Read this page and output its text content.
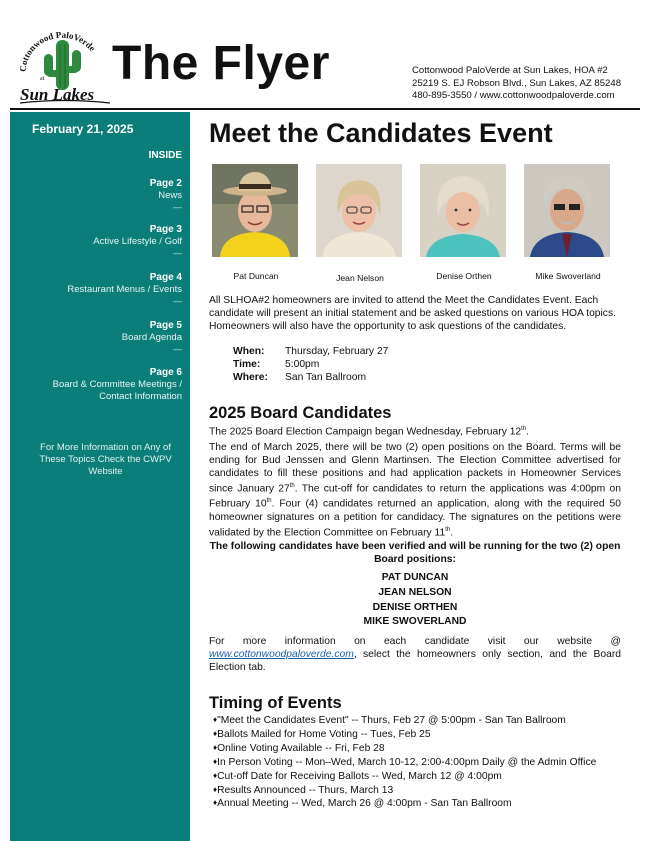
Cottonwood PaloVerde
at
Sun Lakes
The Flyer	Cottonwood PaloVerde at Sun Lakes, HOA #2
25219 S. EJ Robson Blvd., Sun Lakes, AZ 85248
480-895-3550 / www.cottonwoodpaloverde.com
February 21, 2025
INSIDE
Page 2
News
—
Page 3
Active Lifestyle / Golf
—
Page 4
Restaurant Menus / Events
—
Page 5
Board Agenda
—
Page 6
Board & Committee Meetings / Contact Information
For More Information on Any of These Topics Check the CWPV Website
Meet the Candidates Event
Pat Duncan	Jean Nelson	Denise Orthen	Mike Swoverland
All SLHOA#2 homeowners are invited to attend the Meet the Candidates Event. Each candidate will present an initial statement and be asked questions on various HOA topics. Homeowners will also have the opportunity to ask questions of the candidates.
When: Thursday, February 27
Time: 5:00pm
Where: San Tan Ballroom
2025 Board Candidates
The 2025 Board Election Campaign began Wednesday, February 12th.
The end of March 2025, there will be two (2) open positions on the Board. Terms will be ending for Bud Jenssen and Glenn Martinsen. The Election Committee advertised for candidates to fill these positions and had application packets in Homeowner Services since January 27th. The cut-off for candidates to return the applications was 4:00pm on February 10th. Four (4) candidates returned an application, along with the required 50 homeowner signatures on a petition for candidacy. The signatures on the petitions were validated by the Election Committee on February 11th.
The following candidates have been verified and will be running for the two (2) open Board positions:
PAT DUNCAN
JEAN NELSON
DENISE ORTHEN
MIKE SWOVERLAND
For more information on each candidate visit our website @ www.cottonwoodpaloverde.com, select the homeowners only section, and the Board Election tab.
Timing of Events
♦"Meet the Candidates Event" -- Thurs, Feb 27 @ 5:00pm - San Tan Ballroom
♦Ballots Mailed for Home Voting -- Tues, Feb 25
♦Online Voting Available -- Fri, Feb 28
♦In Person Voting -- Mon–Wed, March 10-12, 2:00-4:00pm Daily @ the Admin Office
♦Cut-off Date for Receiving Ballots -- Wed, March 12 @ 4:00pm
♦Results Announced -- Thurs, March 13
♦Annual Meeting -- Wed, March 26 @ 4:00pm - San Tan Ballroom
